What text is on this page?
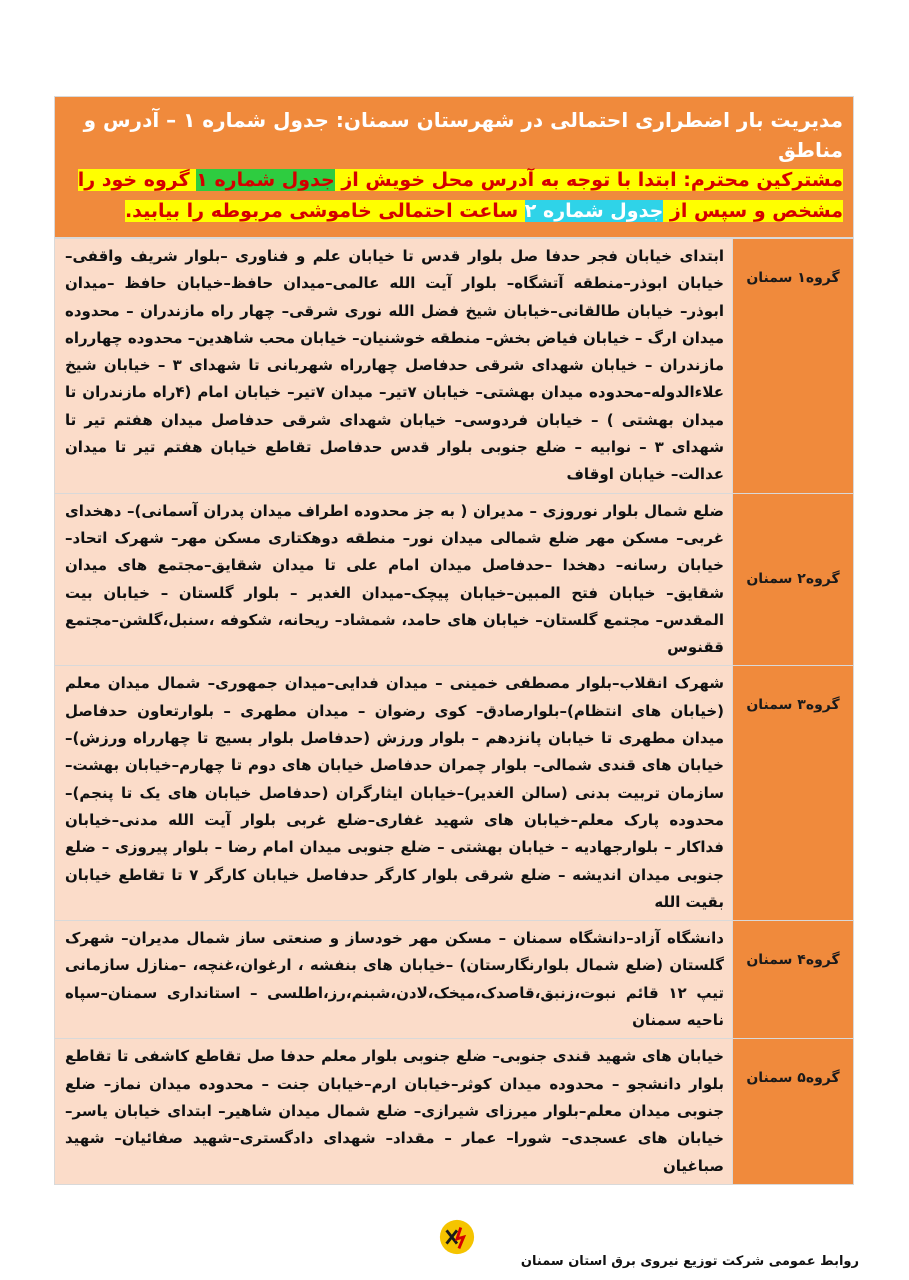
مدیریت بار اضطراری احتمالی در شهرستان سمنان: جدول شماره ۱ – آدرس و مناطق
مشترکین محترم: ابتدا با توجه به آدرس محل خویش از جدول شماره ۱ گروه خود را مشخص و سپس از جدول شماره ۲ ساعت احتمالی خاموشی مربوطه را بیابید.
گروه۱ سمنان	ابتدای خیابان فجر حدفا صل بلوار قدس تا خیابان علم و فناوری –بلوار شریف واقفی–خیابان ابوذر–منطقه آتشگاه– بلوار آیت الله عالمی–میدان حافظ–خیابان حافظ –میدان ابوذر– خیابان طالقانی–خیابان شیخ فضل الله نوری شرقی– چهار راه مازندران – محدوده میدان ارگ – خیابان فیاض بخش– منطقه خوشنیان– خیابان محب شاهدین– محدوده چهارراه مازندران – خیابان شهدای شرقی حدفاصل چهارراه شهربانی تا شهدای ۳ – خیابان شیخ علاءالدوله–محدوده میدان بهشتی– خیابان ۷تیر– میدان ۷تیر– خیابان امام (۴راه مازندران تا میدان بهشتی ) – خیابان فردوسی– خیابان شهدای شرقی حدفاصل میدان هفتم تیر تا شهدای ۳ – نوابیه – ضلع جنوبی بلوار قدس حدفاصل تقاطع خیابان هفتم تیر تا میدان عدالت– خیابان اوقاف
گروه۲ سمنان	ضلع شمال بلوار نوروزی – مدیران ( به جز محدوده اطراف میدان پدران آسمانی)– دهخدای غربی– مسکن مهر ضلع شمالی میدان نور– منطقه دوهکتاری مسکن مهر– شهرک اتحاد– خیابان رسانه– دهخدا –حدفاصل میدان امام علی تا میدان شقایق–مجتمع های میدان شقایق– خیابان فتح المبین–خیابان پیچک–میدان الغدیر – بلوار گلستان – خیابان بیت المقدس– مجتمع گلستان– خیابان های حامد، شمشاد– ریحانه، شکوفه ،سنبل،گلشن–مجتمع ققنوس
گروه۳ سمنان	شهرک انقلاب–بلوار مصطفی خمینی – میدان فدایی–میدان جمهوری– شمال میدان معلم (خیابان های انتظام)–بلوارصادق– کوی رضوان – میدان مطهری – بلوارتعاون حدفاصل میدان مطهری تا خیابان پانزدهم – بلوار ورزش (حدفاصل بلوار بسیج تا چهارراه ورزش)– خیابان های قندی شمالی– بلوار چمران حدفاصل خیابان های دوم تا چهارم–خیابان بهشت– سازمان تربیت بدنی (سالن الغدیر)–خیابان ایثارگران (حدفاصل خیابان های یک تا پنجم)–محدوده پارک معلم–خیابان های شهید غفاری–ضلع غربی بلوار آیت الله مدنی–خیابان فداکار – بلوارجهادیه – خیابان بهشتی – ضلع جنوبی میدان امام رضا – بلوار پیروزی – ضلع جنوبی میدان اندیشه – ضلع شرقی بلوار کارگر حدفاصل خیابان کارگر ۷ تا تقاطع خیابان بقیت الله
گروه۴ سمنان	دانشگاه آزاد–دانشگاه سمنان – مسکن مهر خودساز و صنعتی ساز شمال مدیران– شهرک گلستان (ضلع شمال بلوارنگارستان) –خیابان های بنفشه ، ارغوان،غنچه، –منازل سازمانی تیپ ۱۲ قائم نبوت،زنبق،قاصدک،میخک،لادن،شبنم،رز،اطلسی – استانداری سمنان–سپاه ناحیه سمنان
گروه۵ سمنان	خیابان های شهید قندی جنوبی– ضلع جنوبی بلوار معلم حدفا صل تقاطع کاشفی تا تقاطع بلوار دانشجو – محدوده میدان کوثر–خیابان ارم–خیابان جنت – محدوده میدان نماز– ضلع جنوبی میدان معلم–بلوار میرزای شیرازی– ضلع شمال میدان شاهیر– ابتدای خیابان یاسر– خیابان های عسجدی– شورا– عمار – مقداد– شهدای دادگستری–شهید صفائیان– شهید صباغیان
روابط عمومی شرکت توزیع نیروی برق استان سمنان
